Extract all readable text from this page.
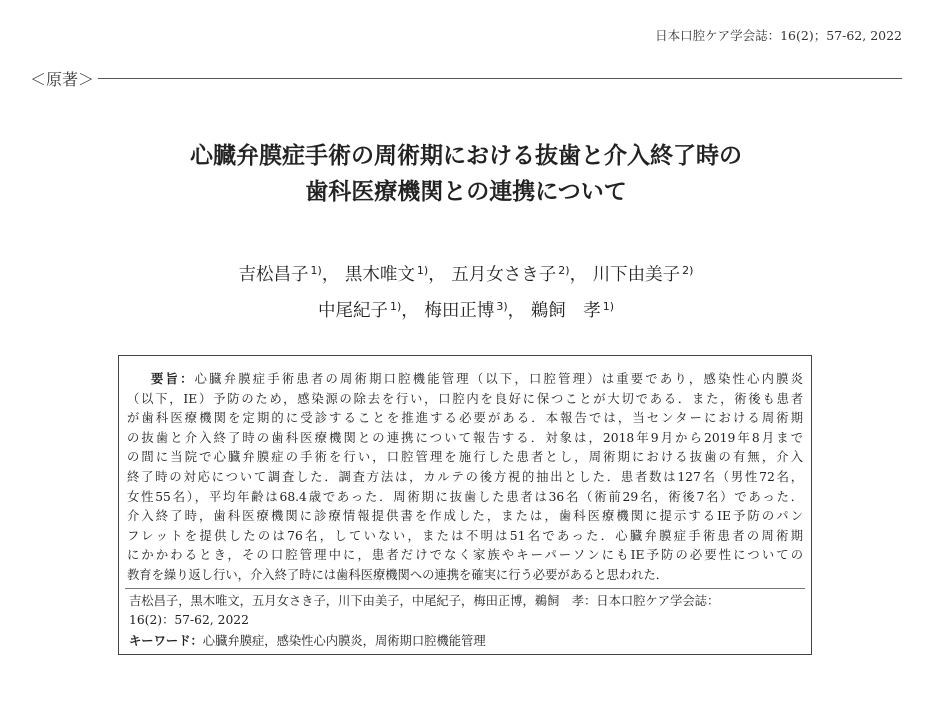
日本口腔ケア学会誌：16(2)；57-62, 2022
＜原著＞
心臓弁膜症手術の周術期における抜歯と介入終了時の
歯科医療機関との連携について
吉松昌子 $^{1)}$， 黒木唯文 $^{1)}$， 五月女さき子 $^{2)}$， 川下由美子 $^{2)}$
中尾紀子 $^{1)}$， 梅田正博 $^{3)}$， 鵜飼　孝 $^{1)}$
要旨：心臓弁膜症手術患者の周術期口腔機能管理（以下，口腔管理）は重要であり，感染性心内膜炎
（以下，IE）予防のため，感染源の除去を行い，口腔内を良好に保つことが大切である．また，術後も患者
が歯科医療機関を定期的に受診することを推進する必要がある．本報告では，当センターにおける周術期
の抜歯と介入終了時の歯科医療機関との連携について報告する．対象は，2018年9月から2019年8月まで
の間に当院で心臓弁膜症の手術を行い，口腔管理を施行した患者とし，周術期における抜歯の有無，介入
終了時の対応について調査した．調査方法は，カルテの後方視的抽出とした．患者数は127名（男性72名，
女性55名），平均年齢は68.4歳であった．周術期に抜歯した患者は36名（術前29名，術後7名）であった．
介入終了時，歯科医療機関に診療情報提供書を作成した，または，歯科医療機関に提示するIE予防のパン
フレットを提供したのは76名，していない，または不明は51名であった．心臓弁膜症手術患者の周術期
にかかわるとき，その口腔管理中に，患者だけでなく家族やキーパーソンにもIE予防の必要性についての
教育を繰り返し行い，介入終了時には歯科医療機関への連携を確実に行う必要があると思われた．
吉松昌子，黒木唯文，五月女さき子，川下由美子，中尾紀子，梅田正博，鵜飼　孝：日本口腔ケア学会誌：
16(2)：57-62, 2022
キーワード：心臓弁膜症，感染性心内膜炎，周術期口腔機能管理
